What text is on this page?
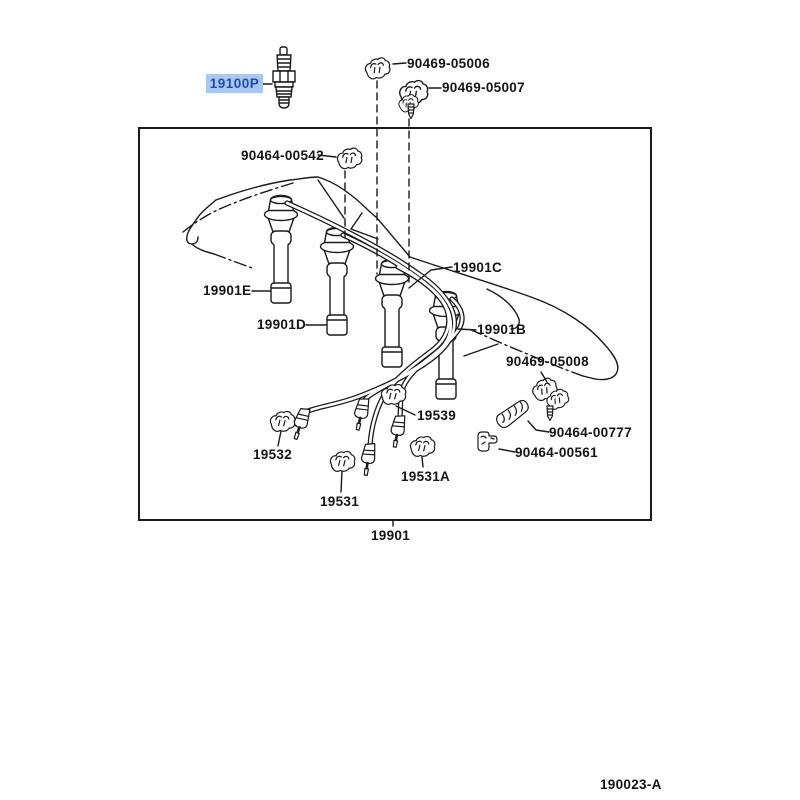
19100P
90469-05006
90469-05007
90464-00542
19901C
19901E
19901D	19901B
90469-05008
19539
90464-00777
90464-00561
19532
19531A
19531
19901
190023-A
